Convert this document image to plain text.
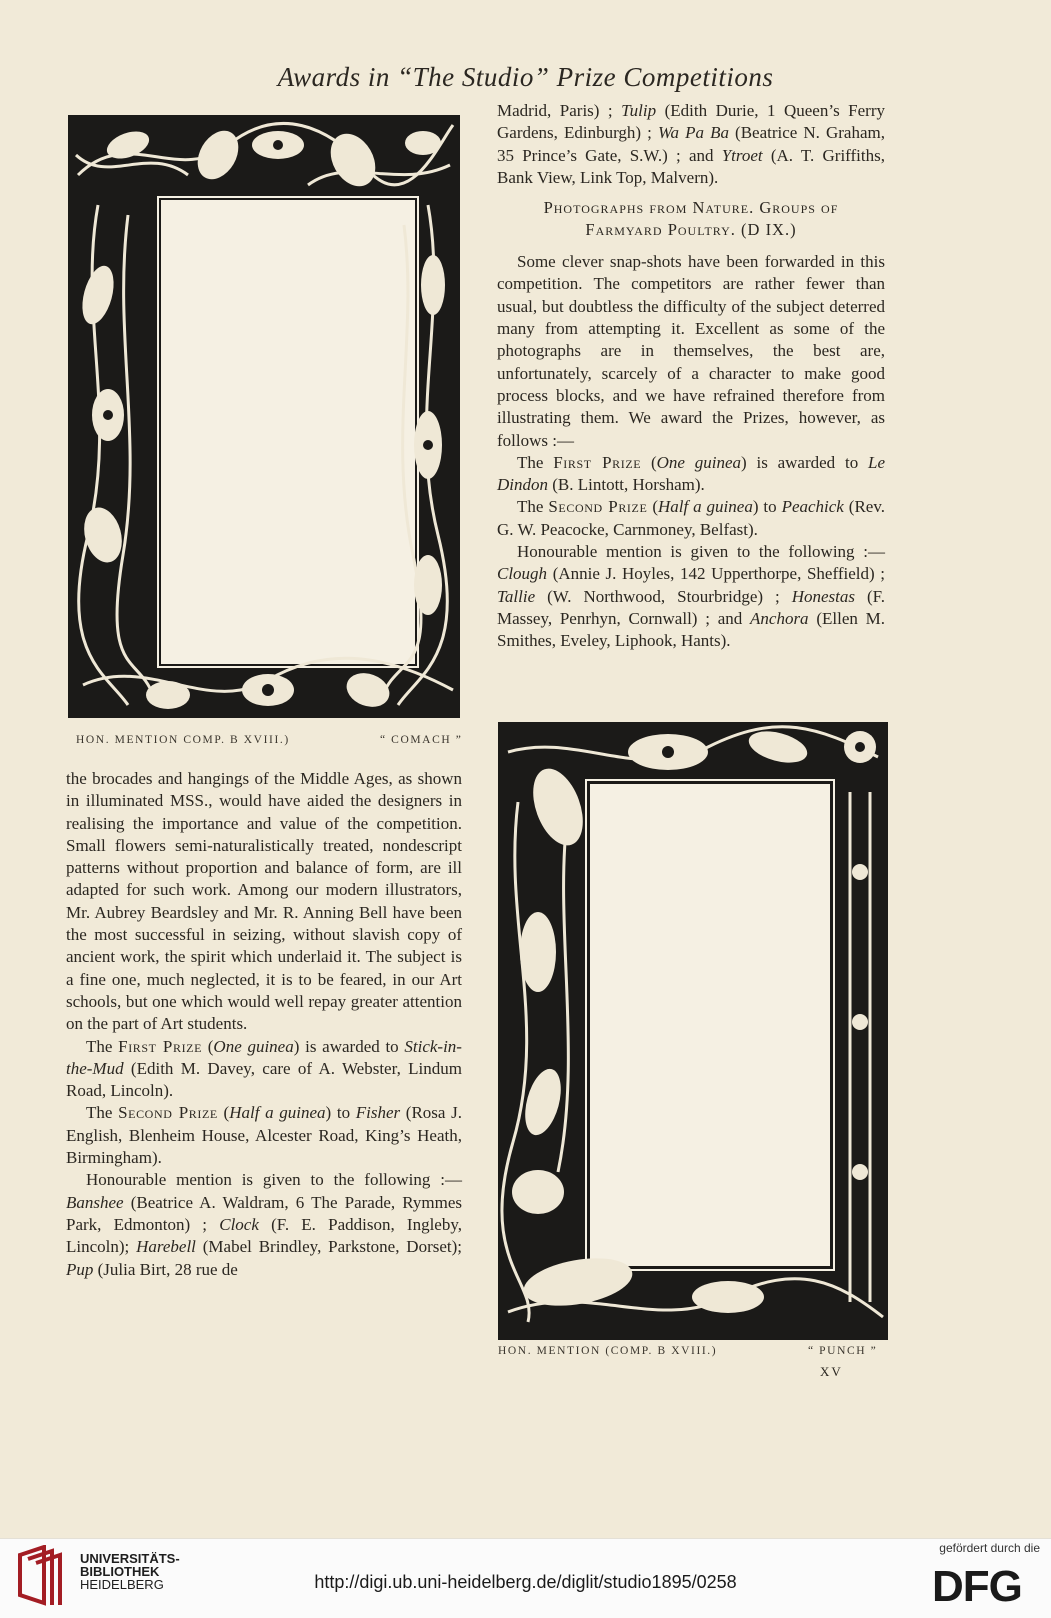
Awards in “The Studio” Prize Competitions
HON. MENTION COMP. B XVIII.)	“ COMACH ”

the brocades and hangings of the Middle Ages, as shown in illuminated MSS., would have aided the designers in realising the importance and value of the competition. Small flowers semi-naturalistically treated, nondescript patterns without proportion and balance of form, are ill adapted for such work. Among our modern illustrators, Mr. Aubrey Beardsley and Mr. R. Anning Bell have been the most successful in seizing, without slavish copy of ancient work, the spirit which underlaid it. The subject is a fine one, much neglected, it is to be feared, in our Art schools, but one which would well repay greater attention on the part of Art students.

The First Prize (One guinea) is awarded to Stick-in-the-Mud (Edith M. Davey, care of A. Webster, Lindum Road, Lincoln).

The Second Prize (Half a guinea) to Fisher (Rosa J. English, Blenheim House, Alcester Road, King’s Heath, Birmingham).

Honourable mention is given to the following :— Banshee (Beatrice A. Waldram, 6 The Parade, Rymmes Park, Edmonton) ; Clock (F. E. Paddison, Ingleby, Lincoln); Harebell (Mabel Brindley, Parkstone, Dorset); Pup (Julia Birt, 28 rue de

Madrid, Paris) ; Tulip (Edith Durie, 1 Queen’s Ferry Gardens, Edinburgh) ; Wa Pa Ba (Beatrice N. Graham, 35 Prince’s Gate, S.W.) ; and Ytroet (A. T. Griffiths, Bank View, Link Top, Malvern).

Photographs from Nature. Groups of
Farmyard Poultry. (D IX.)

Some clever snap-shots have been forwarded in this competition. The competitors are rather fewer than usual, but doubtless the difficulty of the subject deterred many from attempting it. Excellent as some of the photographs are in themselves, the best are, unfortunately, scarcely of a character to make good process blocks, and we have refrained therefore from illustrating them. We award the Prizes, however, as follows :—

The First Prize (One guinea) is awarded to Le Dindon (B. Lintott, Horsham).

The Second Prize (Half a guinea) to Peachick (Rev. G. W. Peacocke, Carnmoney, Belfast).

Honourable mention is given to the following :— Clough (Annie J. Hoyles, 142 Upperthorpe, Sheffield) ; Tallie (W. Northwood, Stourbridge) ; Honestas (F. Massey, Penrhyn, Cornwall) ; and Anchora (Ellen M. Smithes, Eveley, Liphook, Hants).

HON. MENTION (COMP. B XVIII.)	“ PUNCH ”
XV
UNIVERSITÄTS-
BIBLIOTHEK
HEIDELBERG	http://digi.ub.uni-heidelberg.de/diglit/studio1895/0258
gefördert durch die
DFG
